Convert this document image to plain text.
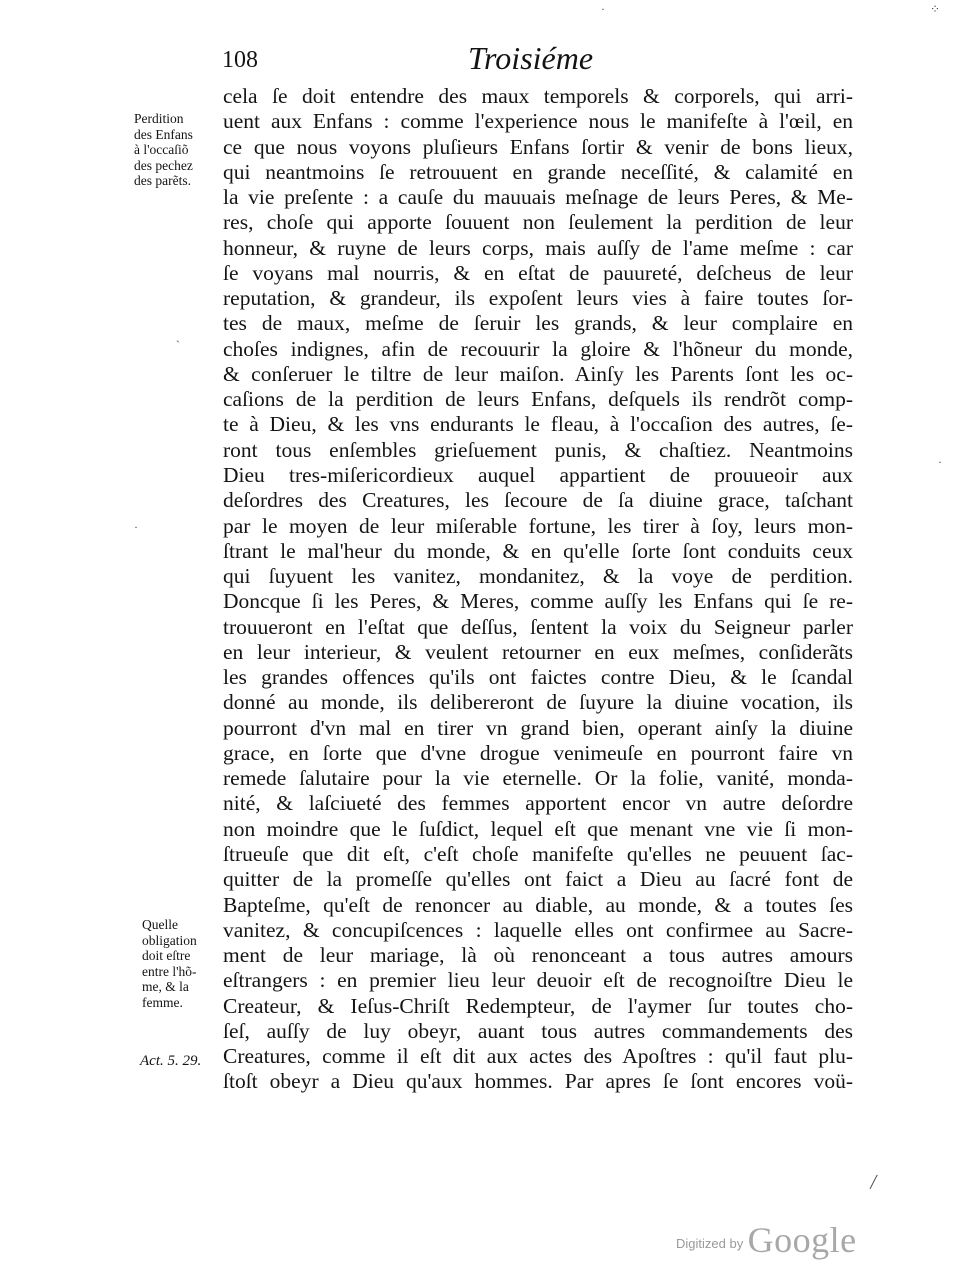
108	Troisiéme
·	⁘
ˋ
·
·
╱
Perdition
des Enfans
à l'occaſiõ
des pechez
des parẽts.
Quelle
obligation
doit eſtre
entre l'hõ-
me, & la
femme.
Act. 5. 29.
cela ſe doit entendre des maux temporels & corporels, qui arri-
uent aux Enfans : comme l'experience nous le manifeſte à l'œil, en
ce que nous voyons pluſieurs Enfans ſortir & venir de bons lieux,
qui neantmoins ſe retrouuent en grande neceſſité, & calamité en
la vie preſente : a cauſe du mauuais meſnage de leurs Peres, & Me-
res, choſe qui apporte ſouuent non ſeulement la perdition de leur
honneur, & ruyne de leurs corps, mais auſſy de l'ame meſme : car
ſe voyans mal nourris, & en eſtat de pauureté, deſcheus de leur
reputation, & grandeur, ils expoſent leurs vies à faire toutes ſor-
tes de maux, meſme de ſeruir les grands, & leur complaire en
choſes indignes, afin de recouurir la gloire & l'hõneur du monde,
& conſeruer le tiltre de leur maiſon. Ainſy les Parents ſont les oc-
caſions de la perdition de leurs Enfans, deſquels ils rendrõt comp-
te à Dieu, & les vns endurants le fleau, à l'occaſion des autres, ſe-
ront tous enſembles grieſuement punis, & chaſtiez. Neantmoins
Dieu tres-miſericordieux auquel appartient de prouueoir aux
deſordres des Creatures, les ſecoure de ſa diuine grace, taſchant
par le moyen de leur miſerable fortune, les tirer à ſoy, leurs mon-
ſtrant le mal'heur du monde, & en qu'elle ſorte ſont conduits ceux
qui ſuyuent les vanitez, mondanitez, & la voye de perdition.
Doncque ſi les Peres, & Meres, comme auſſy les Enfans qui ſe re-
trouueront en l'eſtat que deſſus, ſentent la voix du Seigneur parler
en leur interieur, & veulent retourner en eux meſmes, conſiderãts
les grandes offences qu'ils ont faictes contre Dieu, & le ſcandal
donné au monde, ils delibereront de ſuyure la diuine vocation, ils
pourront d'vn mal en tirer vn grand bien, operant ainſy la diuine
grace, en ſorte que d'vne drogue venimeuſe en pourront faire vn
remede ſalutaire pour la vie eternelle. Or la folie, vanité, monda-
nité, & laſciueté des femmes apportent encor vn autre deſordre
non moindre que le ſuſdict, lequel eſt que menant vne vie ſi mon-
ſtrueuſe que dit eſt, c'eſt choſe manifeſte qu'elles ne peuuent ſac-
quitter de la promeſſe qu'elles ont faict a Dieu au ſacré font de
Bapteſme, qu'eſt de renoncer au diable, au monde, & a toutes ſes
vanitez, & concupiſcences : laquelle elles ont confirmee au Sacre-
ment de leur mariage, là où renonceant a tous autres amours
eſtrangers : en premier lieu leur deuoir eſt de recognoiſtre Dieu le
Createur, & Ieſus-Chriſt Redempteur, de l'aymer ſur toutes cho-
ſeſ, auſſy de luy obeyr, auant tous autres commandements des
Creatures, comme il eſt dit aux actes des Apoſtres : qu'il faut plu-
ſtoſt obeyr a Dieu qu'aux hommes. Par apres ſe ſont encores voü-
$^{Digitized by}$ Google
